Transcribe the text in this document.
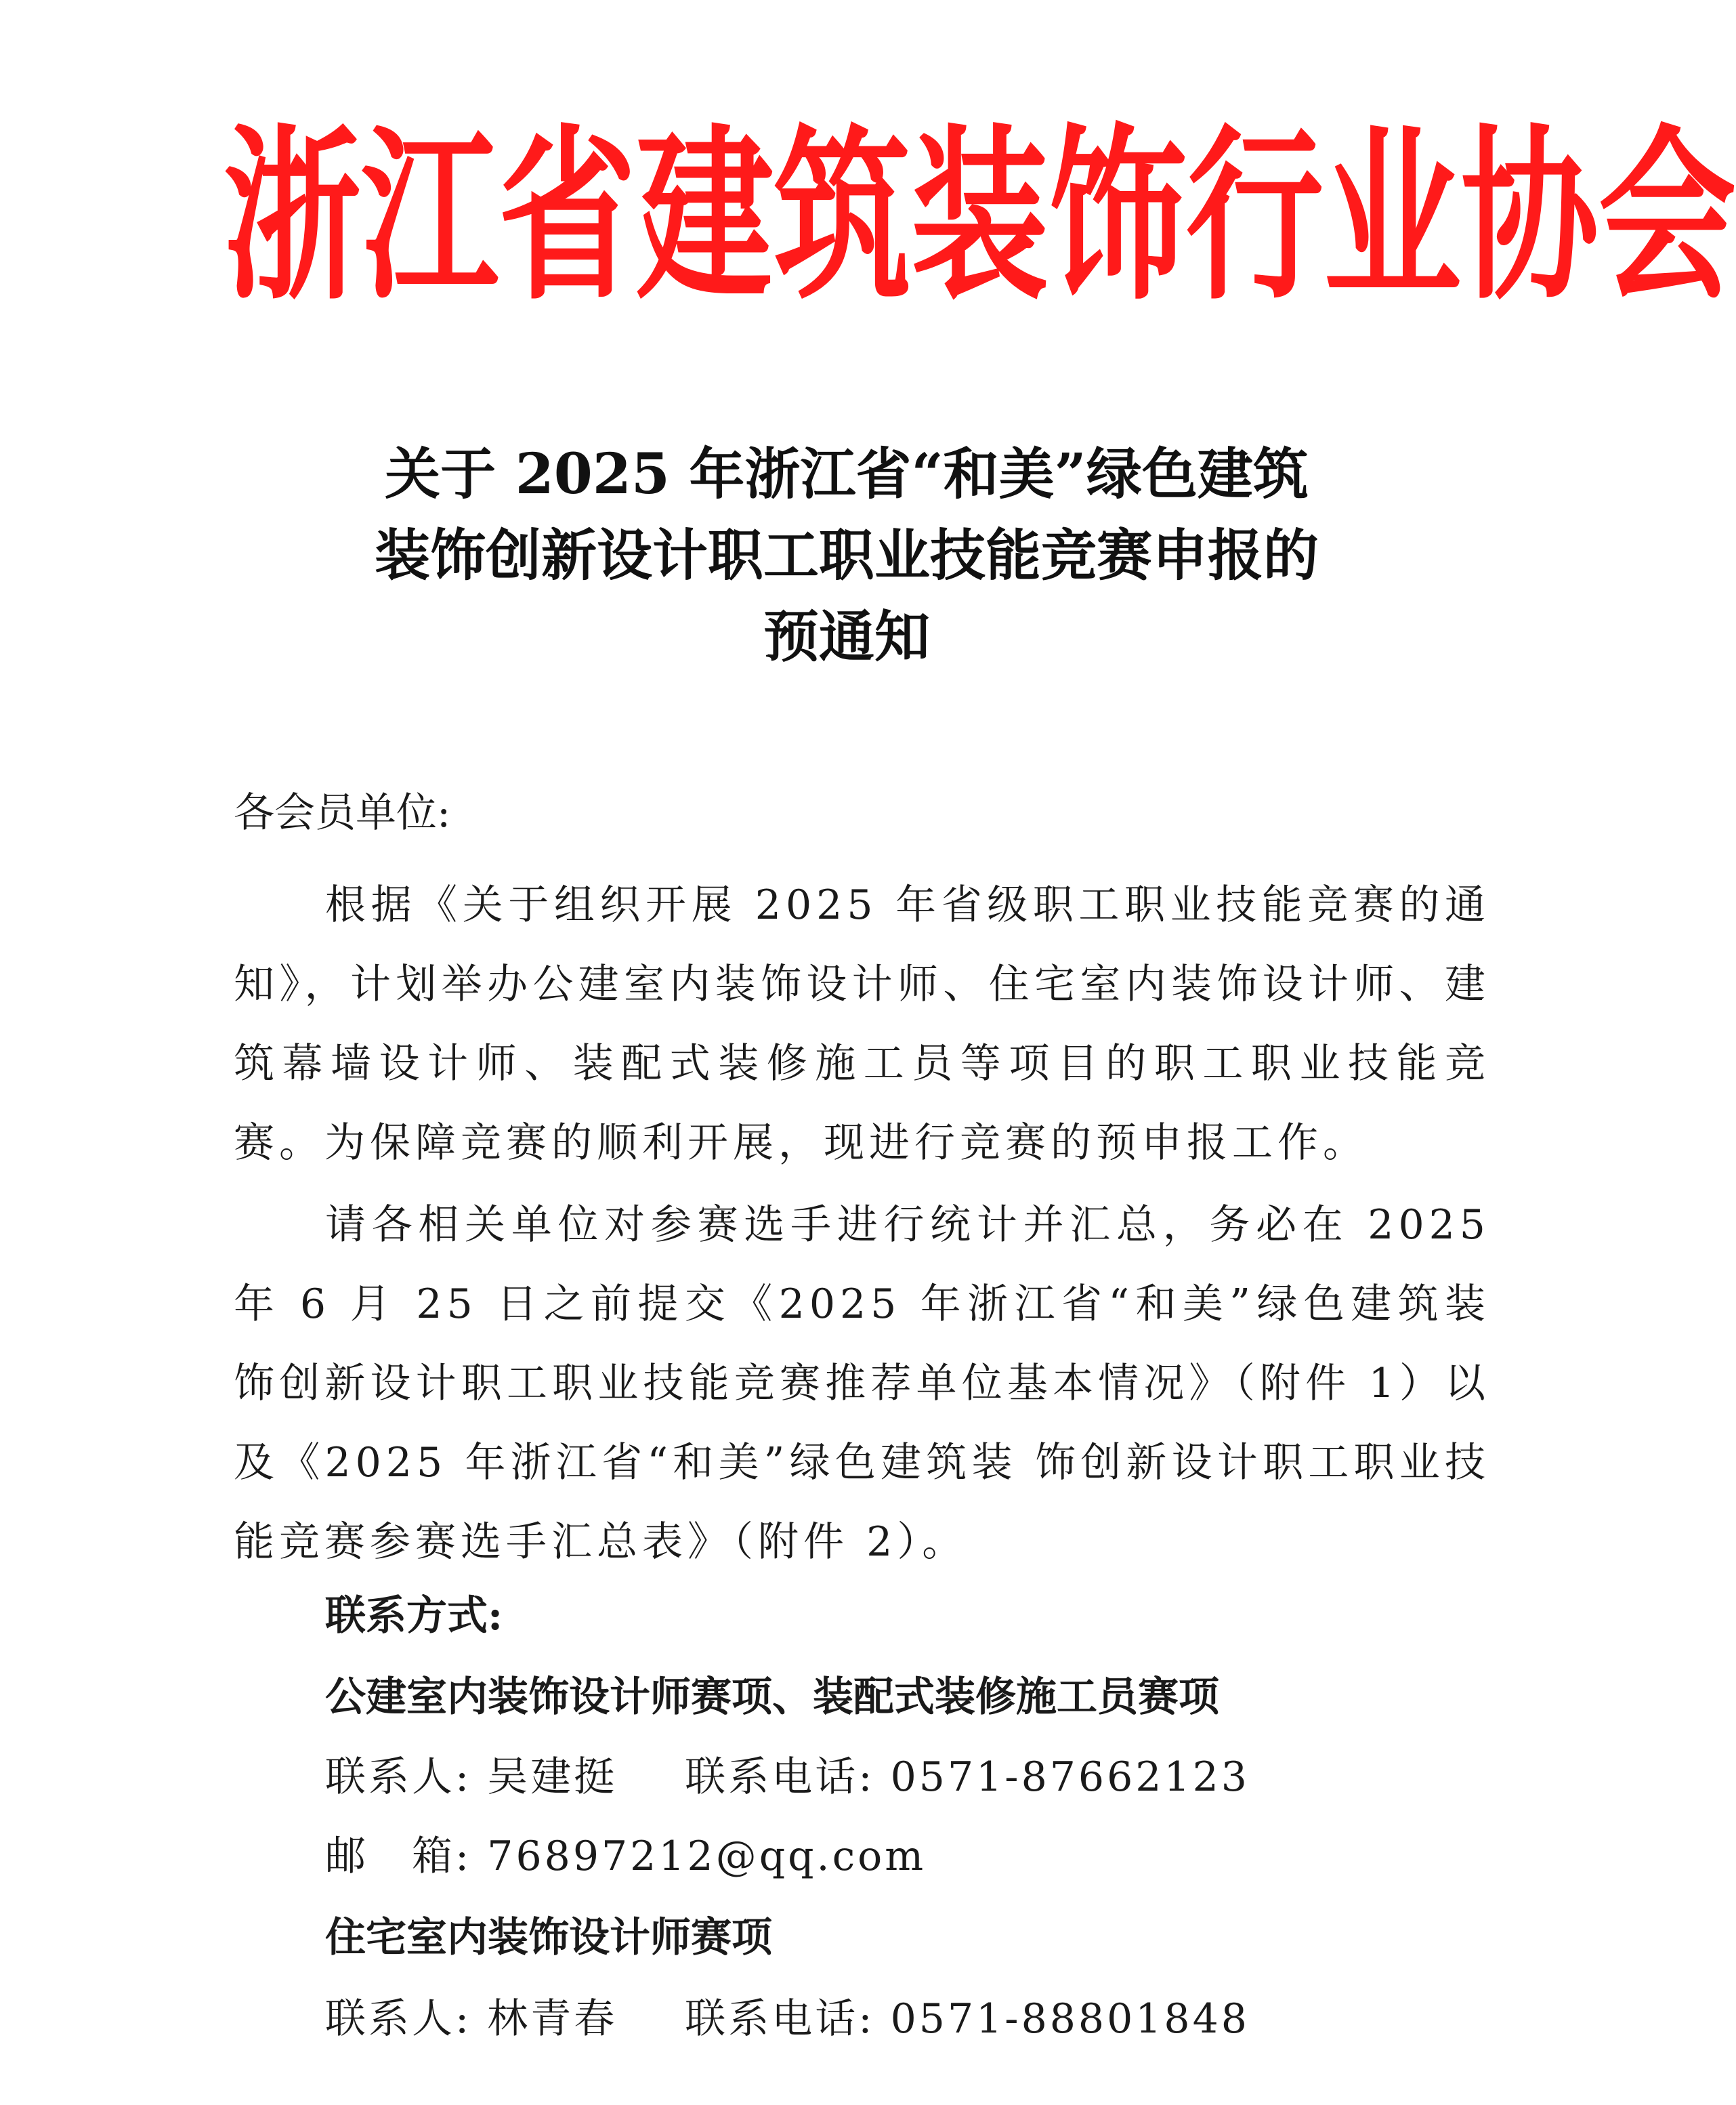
浙江省建筑装饰行业协会
关于 2025 年浙江省“和美”绿色建筑
装饰创新设计职工职业技能竞赛申报的
预通知
各会员单位:

根据《关于组织开展 2025 年省级职工职业技能竞赛的通知》，计划举办公建室内装饰设计师、住宅室内装饰设计师、建筑幕墙设计师、装配式装修施工员等项目的职工职业技能竞赛。为保障竞赛的顺利开展，现进行竞赛的预申报工作。

请各相关单位对参赛选手进行统计并汇总，务必在 2025 年 6 月 25 日之前提交《2025 年浙江省“和美”绿色建筑装饰创新设计职工职业技能竞赛推荐单位基本情况》（附件 1）以及《2025 年浙江省“和美”绿色建筑装 饰创新设计职工职业技能竞赛参赛选手汇总表》（附件 2）。

联系方式:
公建室内装饰设计师赛项、装配式装修施工员赛项
联系人: 吴建挺 联系电话: 0571-87662123
邮　箱: 76897212@qq.com
住宅室内装饰设计师赛项
联系人: 林青春 联系电话: 0571-88801848
